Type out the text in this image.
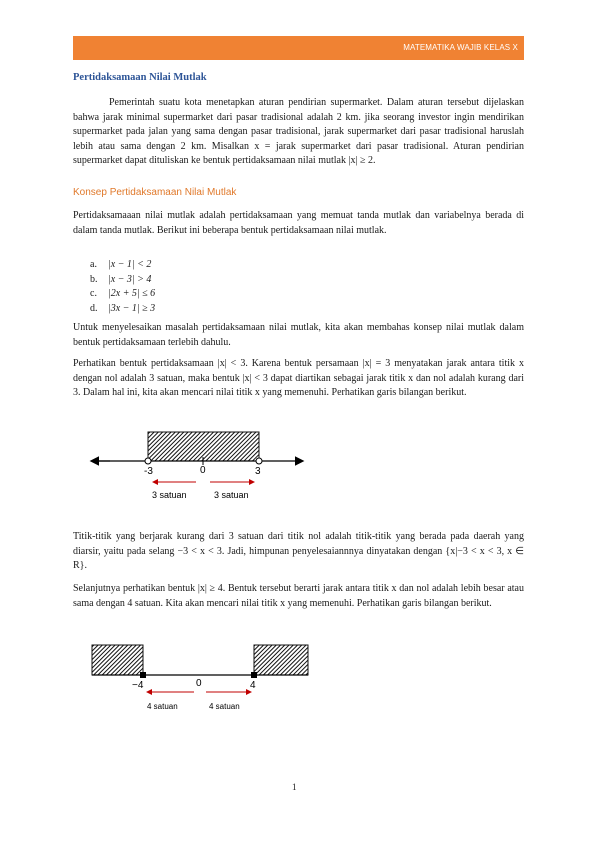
MATEMATIKA WAJIB KELAS X
Pertidaksamaan Nilai Mutlak

Pemerintah suatu kota menetapkan aturan pendirian supermarket. Dalam aturan tersebut dijelaskan bahwa jarak minimal supermarket dari pasar tradisional adalah 2 km. jika seorang investor ingin mendirikan supermarket pada jalan yang sama dengan pasar tradisional, jarak supermarket dari pasar tradisional haruslah lebih atau sama dengan 2 km. Misalkan x = jarak supermarket dari pasar tradisional. Aturan pendirian supermarket dapat dituliskan ke bentuk pertidaksamaan nilai mutlak |x| ≥ 2.

Konsep Pertidaksamaan Nilai Mutlak

Pertidaksamaaan nilai mutlak adalah pertidaksamaan yang memuat tanda mutlak dan variabelnya berada di dalam tanda mutlak. Berikut ini beberapa bentuk pertidaksamaan nilai mutlak.

a.	|x − 1| < 2
b.	|x − 3| > 4
c.	|2x + 5| ≤ 6
d.	|3x − 1| ≥ 3

Untuk menyelesaikan masalah pertidaksamaan nilai mutlak, kita akan membahas konsep nilai mutlak dalam bentuk pertidaksamaan terlebih dahulu.

Perhatikan bentuk pertidaksamaan |x| < 3. Karena bentuk persamaan |x| = 3 menyatakan jarak antara titik x dengan nol adalah 3 satuan, maka bentuk |x| < 3 dapat diartikan sebagai jarak titik x dan nol adalah kurang dari 3. Dalam hal ini, kita akan mencari nilai titik x yang memenuhi. Perhatikan garis bilangan berikut.

-3	0	3
3 satuan	3 satuan

Titik-titik yang berjarak kurang dari 3 satuan dari titik nol adalah titik-titik yang berada pada daerah yang diarsir, yaitu pada selang −3 < x < 3. Jadi, himpunan penyelesaiannnya dinyatakan dengan {x|−3 < x < 3, x ∈ R}.

Selanjutnya perhatikan bentuk |x| ≥ 4. Bentuk tersebut berarti jarak antara titik x dan nol adalah lebih besar atau sama dengan 4 satuan. Kita akan mencari nilai titik x yang memenuhi. Perhatikan garis bilangan berikut.

−4	0	4
4 satuan	4 satuan
1
